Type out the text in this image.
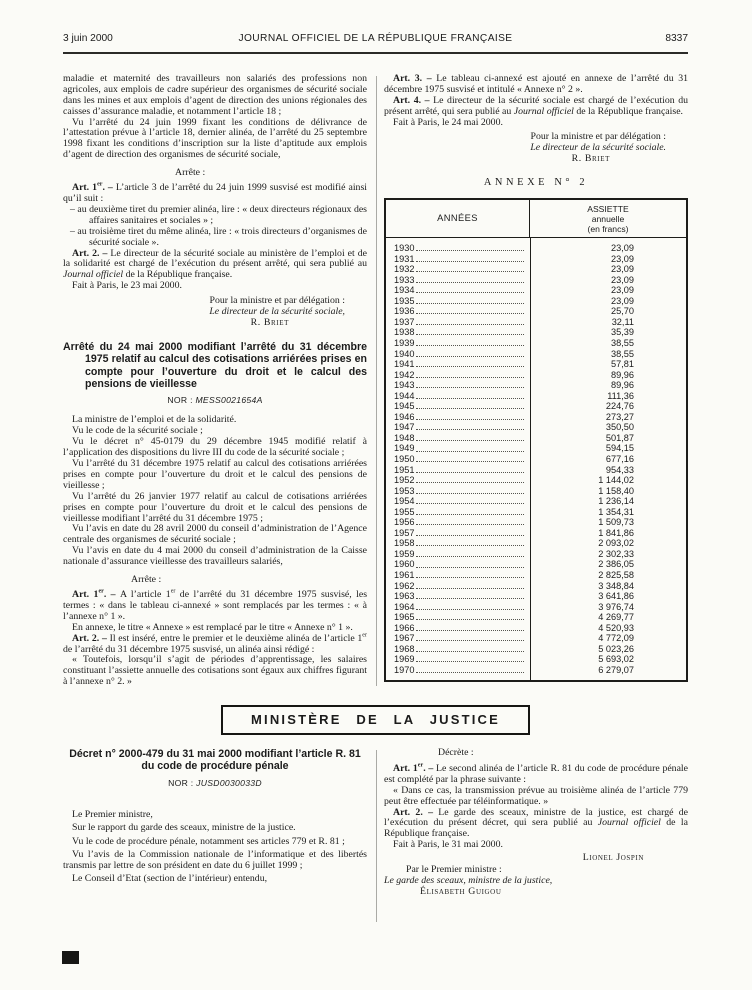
3 juin 2000	JOURNAL OFFICIEL DE LA RÉPUBLIQUE FRANÇAISE	8337

maladie et maternité des travailleurs non salariés des professions non agricoles, aux emplois de cadre supérieur des organismes de sécurité sociale dans les mines et aux emplois d’agent de direction des unions régionales des caisses d’assurance maladie, et notamment l’article 18 ;

Vu l’arrêté du 24 juin 1999 fixant les conditions de délivrance de l’attestation prévue à l’article 18, dernier alinéa, de l’arrêté du 25 septembre 1998 fixant les conditions d’inscription sur la liste d’aptitude aux emplois d’agent de direction des organismes de sécurité sociale,

Arrête :

Art. 1er. – L’article 3 de l’arrêté du 24 juin 1999 susvisé est modifié ainsi qu’il suit :

– au deuxième tiret du premier alinéa, lire : « deux directeurs régionaux des affaires sanitaires et sociales » ;

– au troisième tiret du même alinéa, lire : « trois directeurs d’organismes de sécurité sociale ».

Art. 2. – Le directeur de la sécurité sociale au ministère de l’emploi et de la solidarité est chargé de l’exécution du présent arrêté, qui sera publié au Journal officiel de la République française.

Fait à Paris, le 23 mai 2000.

Pour la ministre et par délégation :

Le directeur de la sécurité sociale,

R. Briet

Arrêté du 24 mai 2000 modifiant l’arrêté du 31 décembre 1975 relatif au calcul des cotisations arriérées prises en compte pour l’ouverture du droit et le calcul des pensions de vieillesse

NOR : MESS0021654A

La ministre de l’emploi et de la solidarité.

Vu le code de la sécurité sociale ;

Vu le décret n° 45-0179 du 29 décembre 1945 modifié relatif à l’application des dispositions du livre III du code de la sécurité sociale ;

Vu l’arrêté du 31 décembre 1975 relatif au calcul des cotisations arriérées prises en compte pour l’ouverture du droit et le calcul des pensions de vieillesse ;

Vu l’arrêté du 26 janvier 1977 relatif au calcul de cotisations arriérées prises en compte pour l’ouverture du droit et le calcul des pensions de vieillesse modifiant l’arrêté du 31 décembre 1975 ;

Vu l’avis en date du 28 avril 2000 du conseil d’administration de l’Agence centrale des organismes de sécurité sociale ;

Vu l’avis en date du 4 mai 2000 du conseil d’administration de la Caisse nationale d’assurance vieillesse des travailleurs salariés,

Arrête :

Art. 1er. – A l’article 1er de l’arrêté du 31 décembre 1975 susvisé, les termes : « dans le tableau ci-annexé » sont remplacés par les termes : « à l’annexe n° 1 ».

En annexe, le titre « Annexe » est remplacé par le titre « Annexe n° 1 ».

Art. 2. – Il est inséré, entre le premier et le deuxième alinéa de l’article 1er de l’arrêté du 31 décembre 1975 susvisé, un alinéa ainsi rédigé :

« Toutefois, lorsqu’il s’agit de périodes d’apprentissage, les salaires constituant l’assiette annuelle des cotisations sont égaux aux chiffres figurant à l’annexe n° 2. »

Art. 3. – Le tableau ci-annexé est ajouté en annexe de l’arrêté du 31 décembre 1975 susvisé et intitulé « Annexe n° 2 ».

Art. 4. – Le directeur de la sécurité sociale est chargé de l’exécution du présent arrêté, qui sera publié au Journal officiel de la République française.

Fait à Paris, le 24 mai 2000.

Pour la ministre et par délégation :

Le directeur de la sécurité sociale.

R. Briet

ANNEXE N° 2
ANNÉES
ASSIETTE
annuelle
(en francs)
1930	23,09
1931	23,09
1932	23,09
1933	23,09
1934	23,09
1935	23,09
1936	25,70
1937	32,11
1938	35,39
1939	38,55
1940	38,55
1941	57,81
1942	89,96
1943	89,96
1944	111,36
1945	224,76
1946	273,27
1947	350,50
1948	501,87
1949	594,15
1950	677,16
1951	954,33
1952	1 144,02
1953	1 158,40
1954	1 236,14
1955	1 354,31
1956	1 509,73
1957	1 841,86
1958	2 093,02
1959	2 302,33
1960	2 386,05
1961	2 825,58
1962	3 348,84
1963	3 641,86
1964	3 976,74
1965	4 269,77
1966	4 520,93
1967	4 772,09
1968	5 023,26
1969	5 693,02
1970	6 279,07
MINISTÈRE DE LA JUSTICE
Décret n° 2000-479 du 31 mai 2000 modifiant l’article R. 81 du code de procédure pénale

NOR : JUSD0030033D

Le Premier ministre,

Sur le rapport du garde des sceaux, ministre de la justice.

Vu le code de procédure pénale, notamment ses articles 779 et R. 81 ;

Vu l’avis de la Commission nationale de l’informatique et des libertés transmis par lettre de son président en date du 6 juillet 1999 ;

Le Conseil d’Etat (section de l’intérieur) entendu,

Décrète :

Art. 1er. – Le second alinéa de l’article R. 81 du code de procédure pénale est complété par la phrase suivante :

« Dans ce cas, la transmission prévue au troisième alinéa de l’article 779 peut être effectuée par téléinformatique. »

Art. 2. – Le garde des sceaux, ministre de la justice, est chargé de l’exécution du présent décret, qui sera publié au Journal officiel de la République française.

Fait à Paris, le 31 mai 2000.

Lionel Jospin

Par le Premier ministre :

Le garde des sceaux, ministre de la justice,

Élisabeth Guigou
